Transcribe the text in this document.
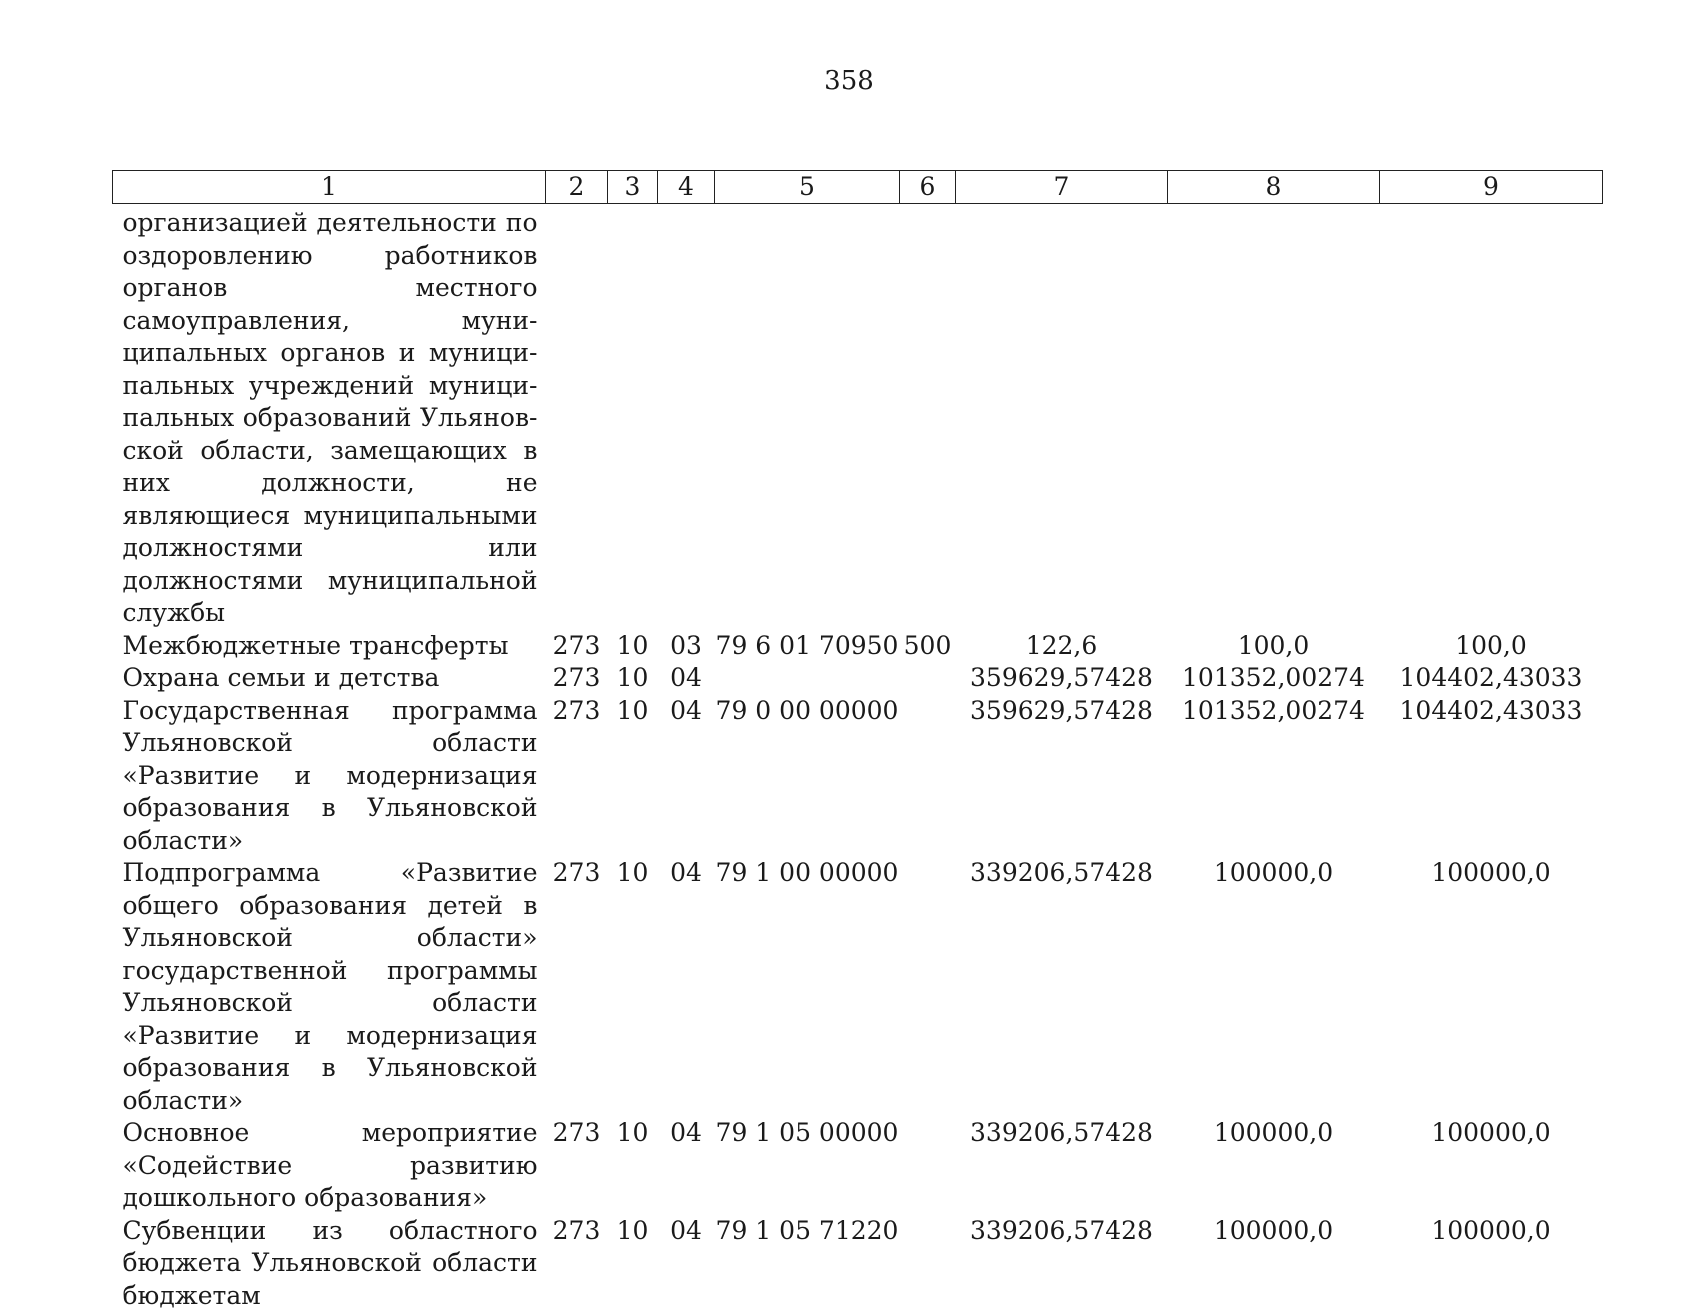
358
1	2	3	4	5	6	7	8	9
организацией деятельности по оздоровлению работников органов местного самоуправления, муниципальных органов и муниципальных учреждений муниципальных образований Ульяновской области, замещающих в них должности, не являющиеся муниципальными должностями или должностями муниципальной службы								
Межбюджетные трансферты	273	10	03	79 6 01 70950	500	122,6	100,0	100,0
Охрана семьи и детства	273	10	04			359629,57428	101352,00274	104402,43033
Государственная программа Ульяновской области «Развитие и модернизация образования в Ульяновской области»	273	10	04	79 0 00 00000		359629,57428	101352,00274	104402,43033
Подпрограмма «Развитие общего образования детей в Ульяновской области» государственной программы Ульяновской области «Развитие и модернизация образования в Ульяновской области»	273	10	04	79 1 00 00000		339206,57428	100000,0	100000,0
Основное мероприятие «Содействие развитию дошкольного образования»	273	10	04	79 1 05 00000		339206,57428	100000,0	100000,0
Субвенции из областного бюджета Ульяновской области бюджетам	273	10	04	79 1 05 71220		339206,57428	100000,0	100000,0
